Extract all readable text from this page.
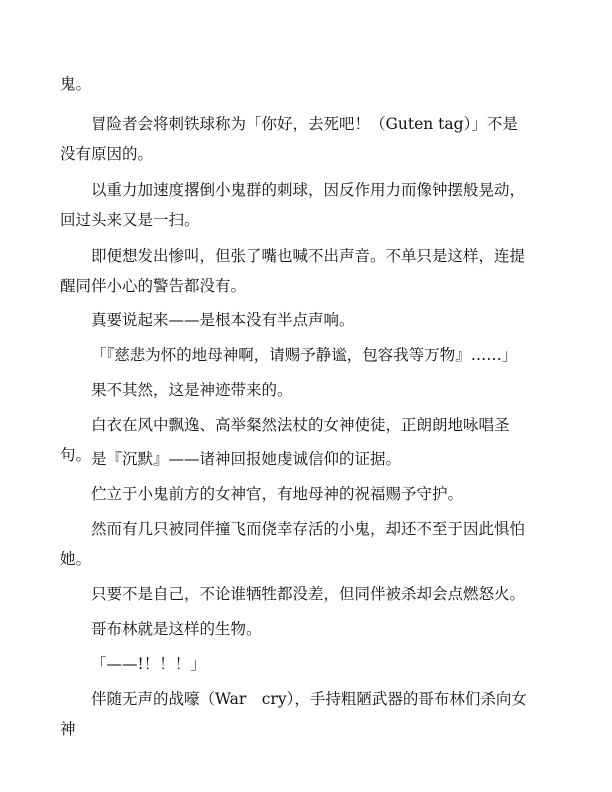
鬼。

冒险者会将刺铁球称为「你好，去死吧！（Guten tag）」不是没有原因的。

以重力加速度撂倒小鬼群的刺球，因反作用力而像钟摆般晃动，回过头来又是一扫。

即便想发出惨叫，但张了嘴也喊不出声音。不单只是这样，连提醒同伴小心的警告都没有。

真要说起来——是根本没有半点声响。

「『慈悲为怀的地母神啊，请赐予静谧，包容我等万物』……」

果不其然，这是神迹带来的。

白衣在风中飘逸、高举粲然法杖的女神使徒，正朗朗地咏唱圣句。 是『沉默』——诸神回报她虔诚信仰的证据。

伫立于小鬼前方的女神官，有地母神的祝福赐予守护。

然而有几只被同伴撞飞而侥幸存活的小鬼，却还不至于因此惧怕她。

只要不是自己，不论谁牺牲都没差，但同伴被杀却会点燃怒火。

哥布林就是这样的生物。

「——!！！！」

伴随无声的战嚎（War　cry），手持粗陋武器的哥布林们杀向女神
